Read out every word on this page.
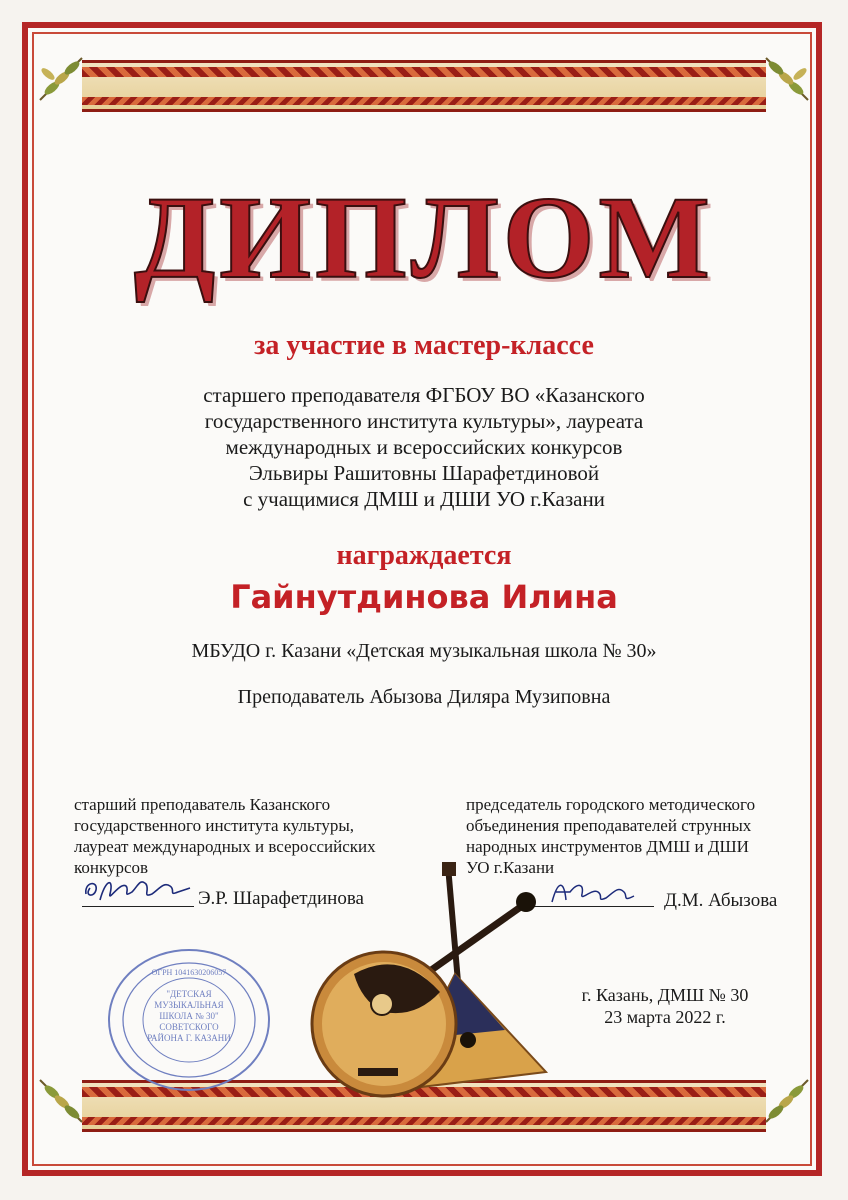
ДИПЛОМ
за участие в мастер-классе
старшего преподавателя ФГБОУ ВО «Казанского
государственного института культуры», лауреата
международных и всероссийских конкурсов
Эльвиры Рашитовны Шарафетдиновой
с учащимися ДМШ и ДШИ УО г.Казани
награждается
Гайнутдинова Илина
МБУДО г. Казани «Детская музыкальная школа № 30»
Преподаватель Абызова Диляра Музиповна
старший преподаватель Казанского
государственного института культуры,
лауреат международных и всероссийских
конкурсов
Э.Р. Шарафетдинова
председатель городского методического
объединения преподавателей струнных
народных инструментов ДМШ и ДШИ
УО г.Казани
Д.М. Абызова
г. Казань, ДМШ № 30
23 марта 2022 г.
"ДЕТСКАЯ
МУЗЫКАЛЬНАЯ
ШКОЛА № 30"
СОВЕТСКОГО
РАЙОНА Г. КАЗАНИ
ОГРН 1041630206057
